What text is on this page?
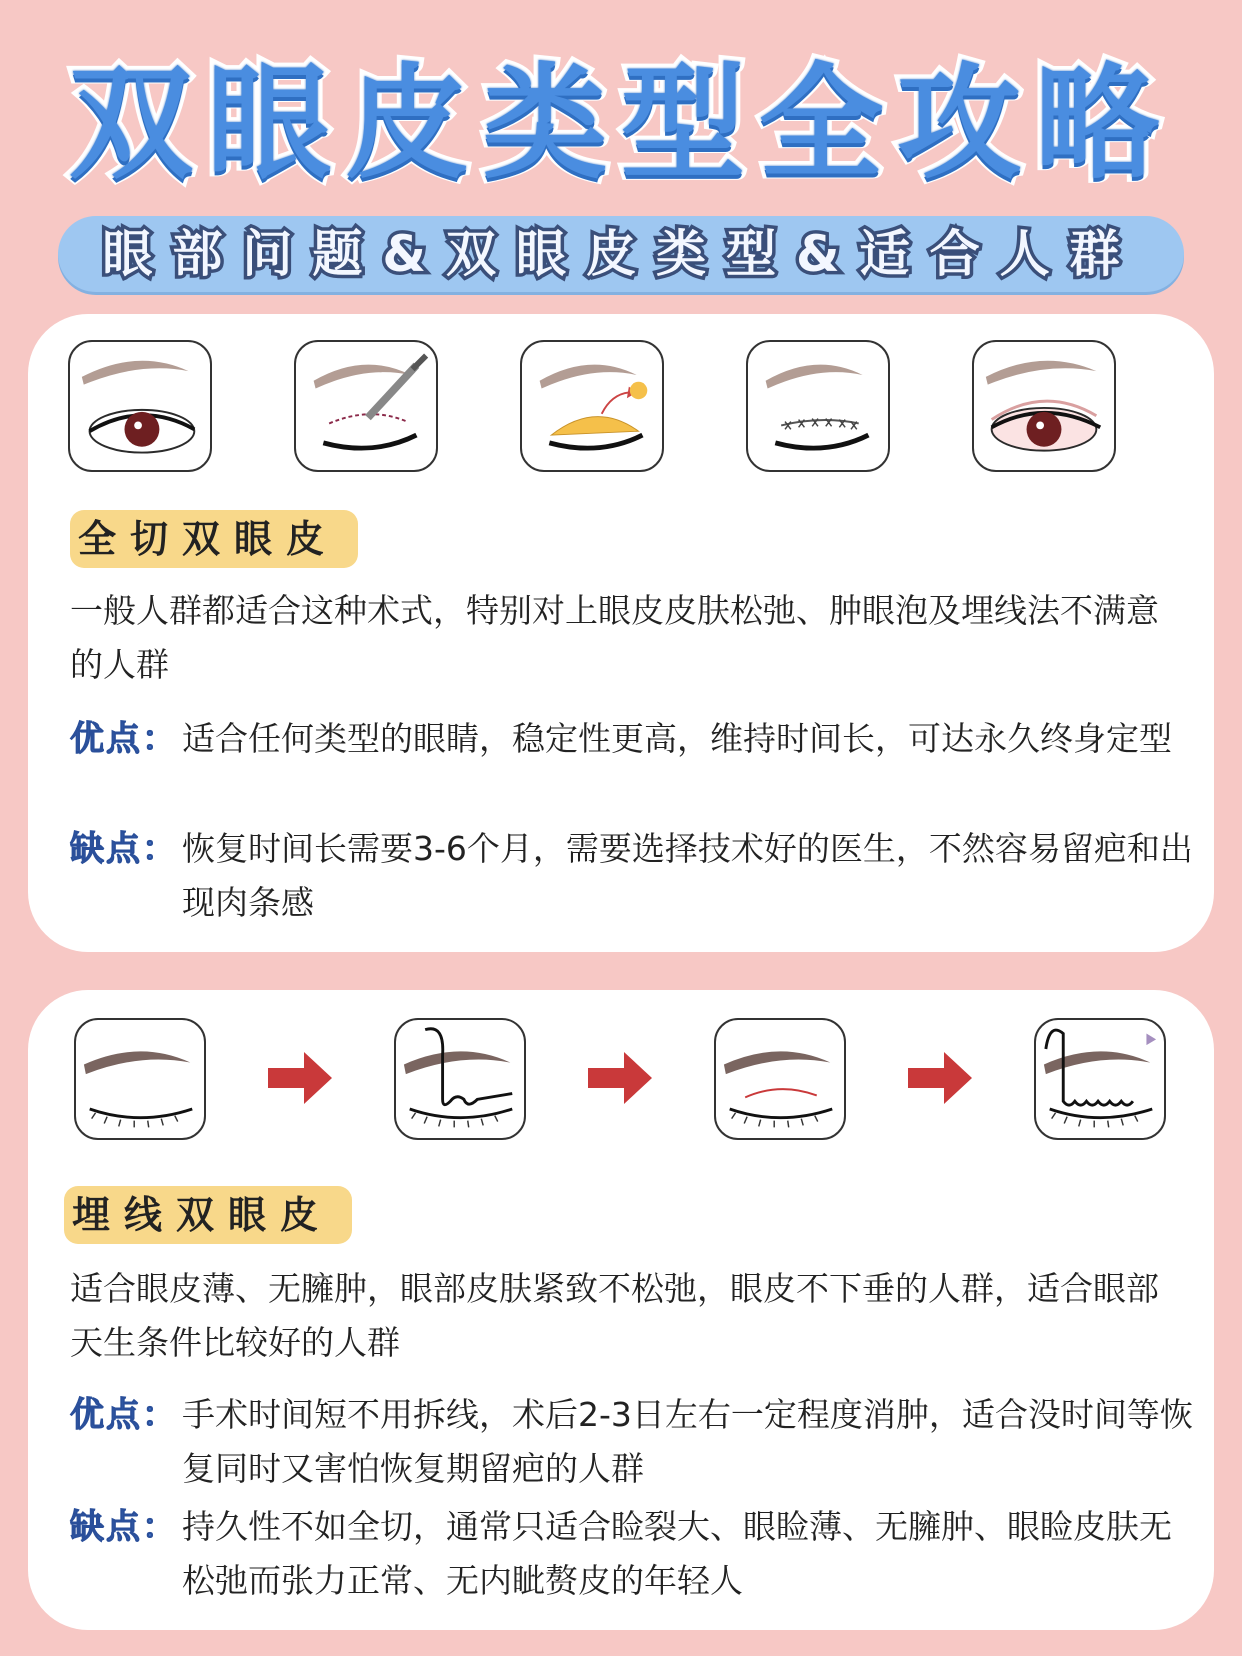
双眼皮类型全攻略
眼部问题&双眼皮类型&适合人群
全切双眼皮
一般人群都适合这种术式，特别对上眼皮皮肤松弛、肿眼泡及埋线法不满意的人群
优点： 适合任何类型的眼睛，稳定性更高，维持时间长，可达永久终身定型
缺点： 恢复时间长需要3-6个月，需要选择技术好的医生，不然容易留疤和出现肉条感
埋线双眼皮
适合眼皮薄、无臃肿，眼部皮肤紧致不松弛，眼皮不下垂的人群，适合眼部天生条件比较好的人群
优点： 手术时间短不用拆线，术后2-3日左右一定程度消肿，适合没时间等恢复同时又害怕恢复期留疤的人群
缺点： 持久性不如全切，通常只适合睑裂大、眼睑薄、无臃肿、眼睑皮肤无松弛而张力正常、无内眦赘皮的年轻人
